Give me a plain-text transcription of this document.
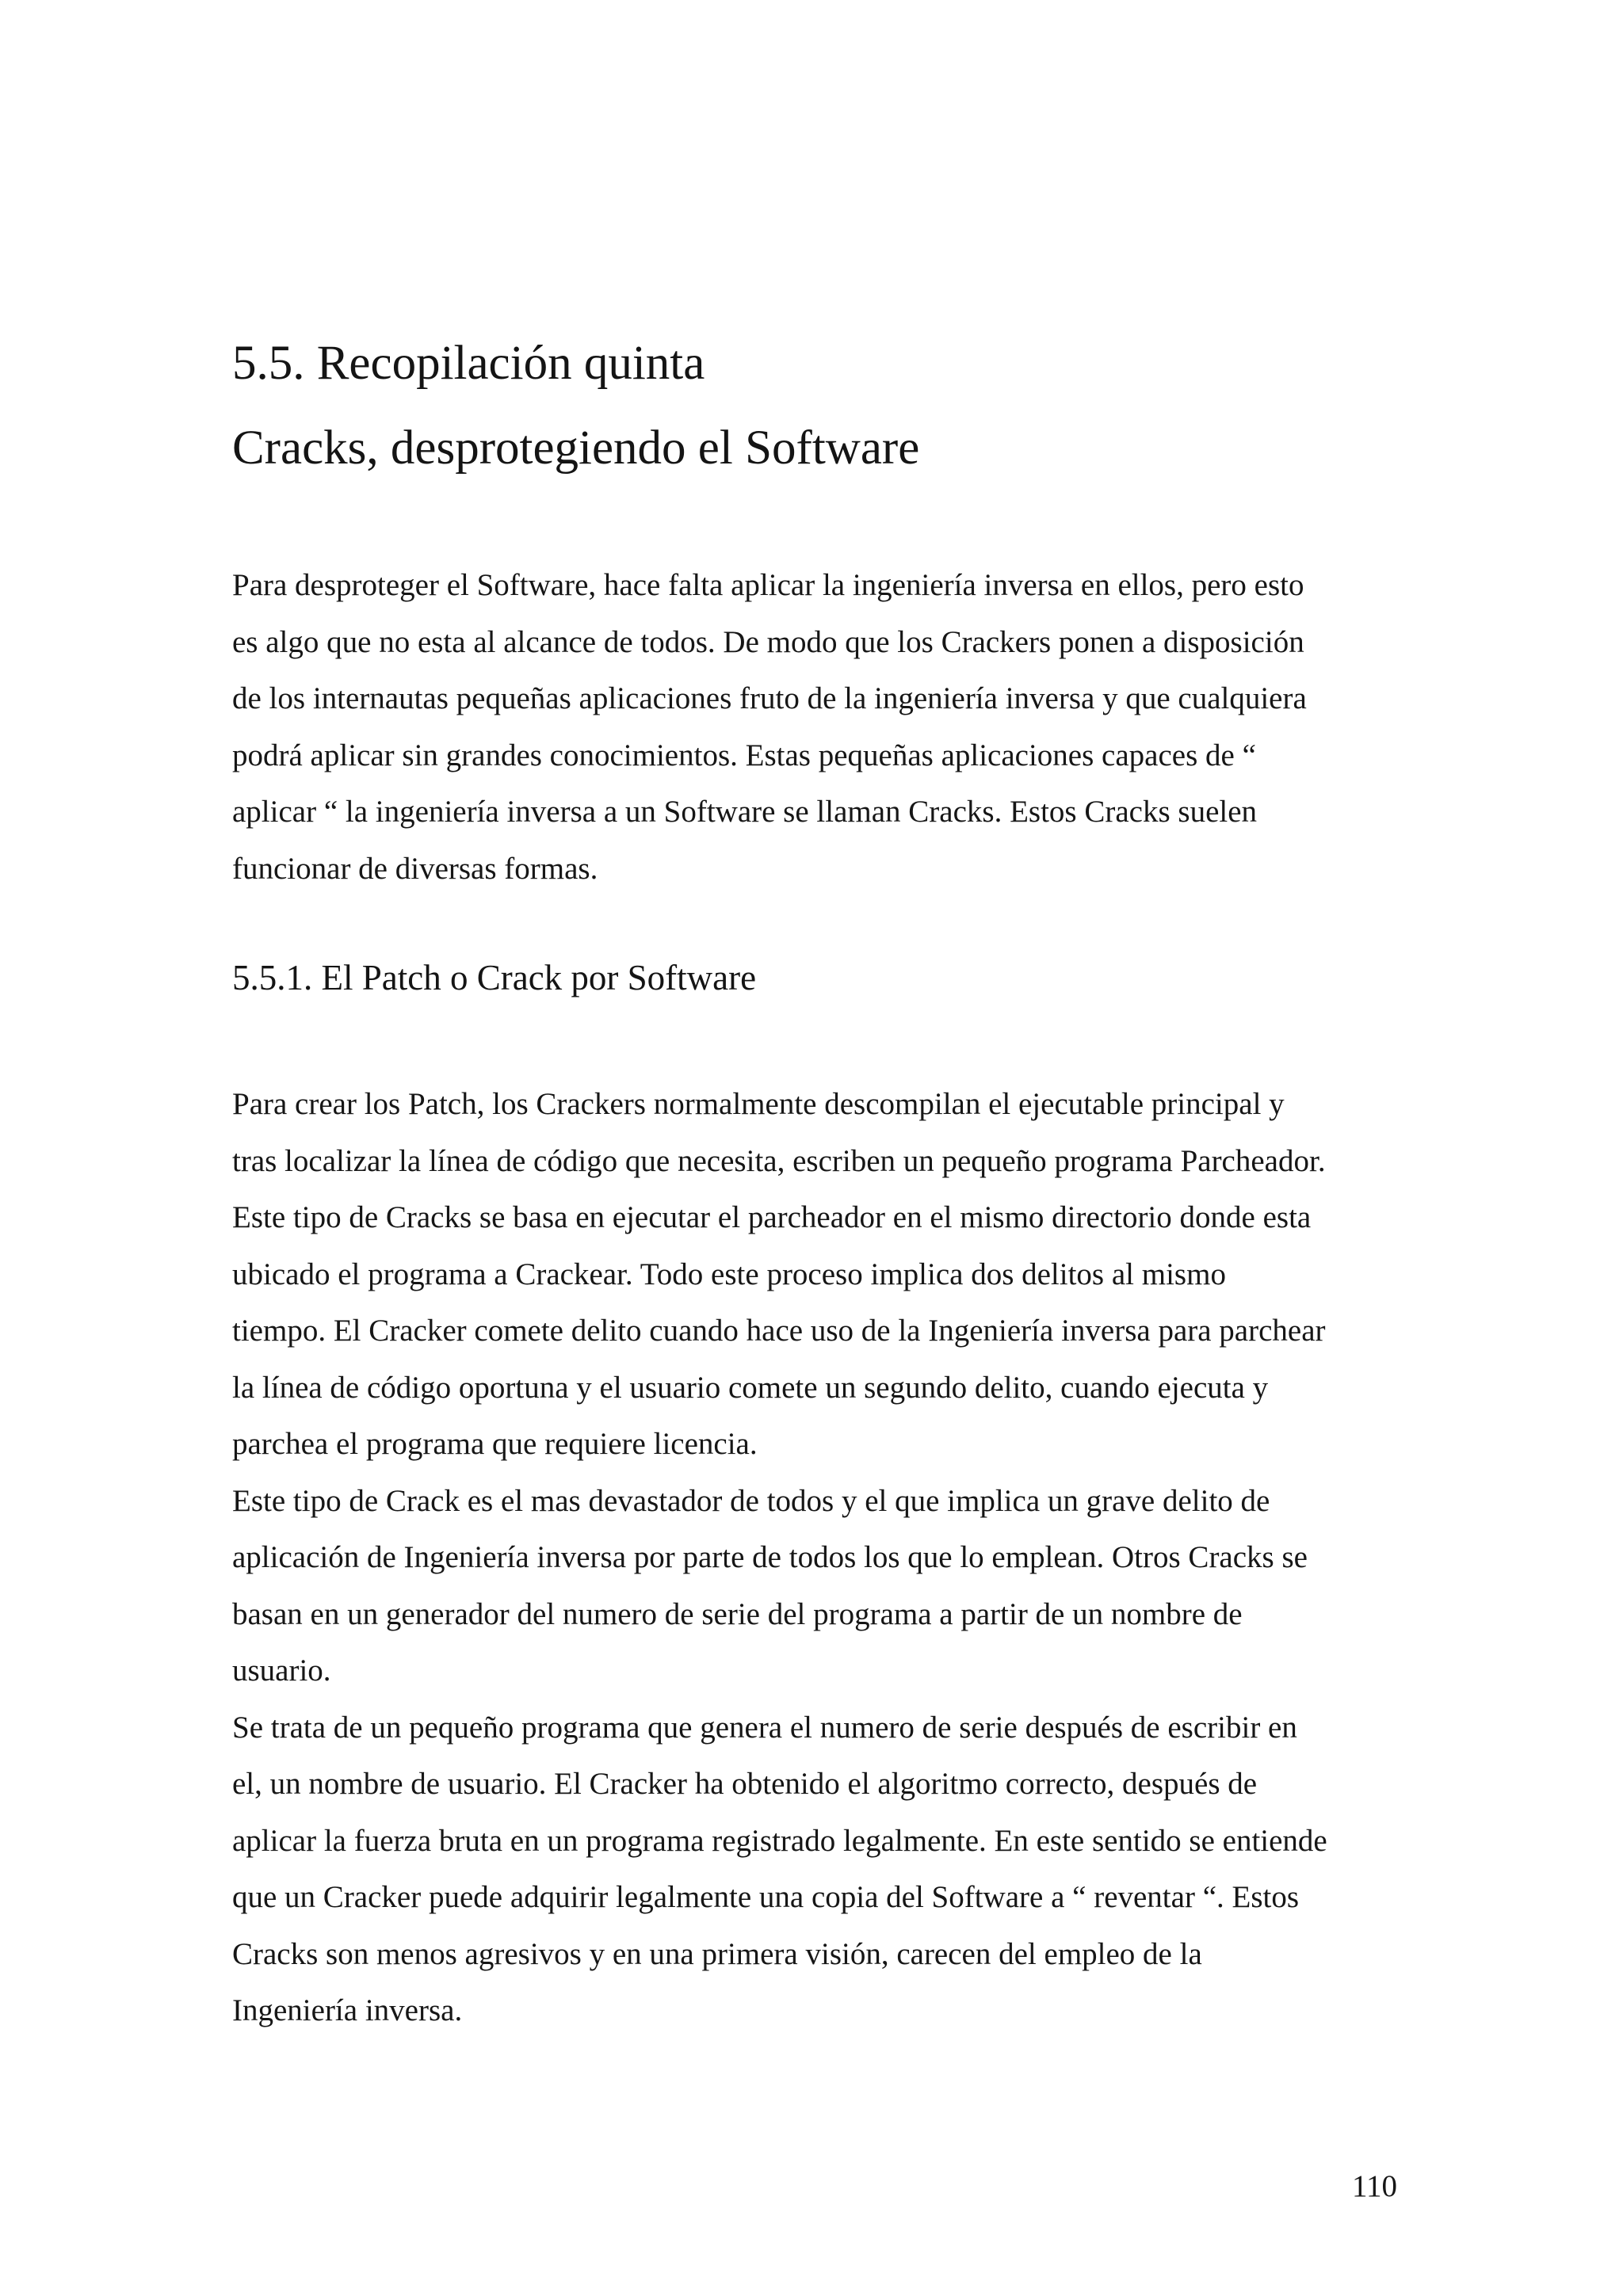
5.5. Recopilación quinta
Cracks, desprotegiendo el Software

Para desproteger el Software, hace falta aplicar la ingeniería inversa en ellos, pero esto
es algo que no esta al alcance de todos. De modo que los Crackers ponen a disposición
de los internautas pequeñas aplicaciones fruto de la ingeniería inversa y que cualquiera
podrá aplicar sin grandes conocimientos. Estas pequeñas aplicaciones capaces de “
aplicar “ la ingeniería inversa a un Software se llaman Cracks. Estos Cracks suelen
funcionar de diversas formas.

5.5.1. El Patch o Crack por Software

Para crear los Patch, los Crackers normalmente descompilan el ejecutable principal y
tras localizar la línea de código que necesita, escriben un pequeño programa Parcheador.
Este tipo de Cracks se basa en ejecutar el parcheador en el mismo directorio donde esta
ubicado el programa a Crackear. Todo este proceso implica dos delitos al mismo
tiempo. El Cracker comete delito cuando hace uso de la Ingeniería inversa para parchear
la línea de código oportuna y el usuario comete un segundo delito, cuando ejecuta y
parchea el programa que requiere licencia.
Este tipo de Crack es el mas devastador de todos y el que implica un grave delito de
aplicación de Ingeniería inversa por parte de todos los que lo emplean. Otros Cracks se
basan en un generador del numero de serie del programa a partir de un nombre de
usuario.
Se trata de un pequeño programa que genera el numero de serie después de escribir en
el, un nombre de usuario. El Cracker ha obtenido el algoritmo correcto, después de
aplicar la fuerza bruta en un programa registrado legalmente. En este sentido se entiende
que un Cracker puede adquirir legalmente una copia del Software a “ reventar “. Estos
Cracks son menos agresivos y en una primera visión, carecen del empleo de la
Ingeniería inversa.

110
